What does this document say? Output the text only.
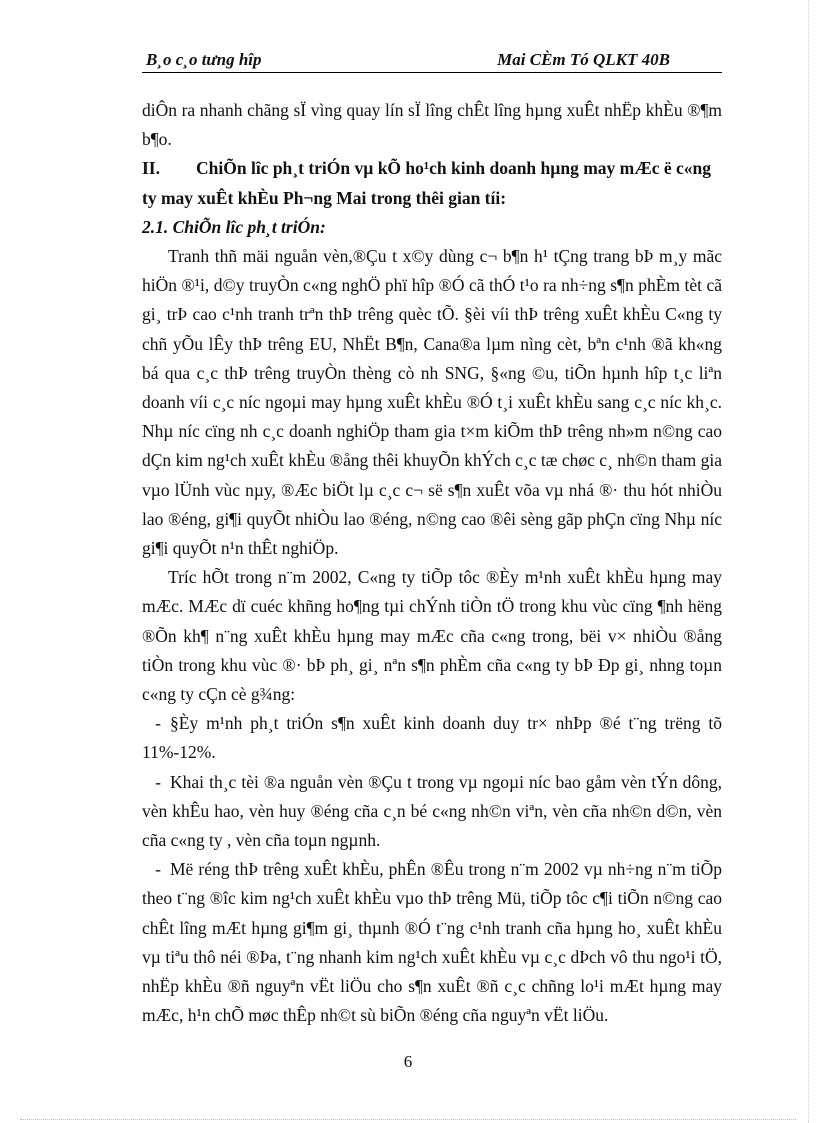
B¸o c¸o tưng hîp	Mai CÈm Tó QLKT 40B

diÔn ra nhanh chãng sÏ vìng quay lín sÏ lîng chÊt lîng hµng xuÊt nhËp khÈu ®¶m b¶o.

II. ChiÕn lîc ph¸t triÓn vµ kÕ ho¹ch kinh doanh hµng may mÆc ë c«ng ty may xuÊt khÈu Ph¬ng Mai trong thêi gian tíi:

2.1. ChiÕn lîc ph¸t triÓn:

Tranh thñ mäi nguån vèn,®Çu t x©y dùng c¬ b¶n h¹ tÇng trang bÞ m¸y mãc hiÖn ®¹i, d©y truyÒn c«ng nghÖ phï hîp ®Ó cã thÓ t¹o ra nh÷ng s¶n phÈm tèt cã gi¸ trÞ cao c¹nh tranh trªn thÞ trêng quèc tÕ. §èi víi thÞ trêng xuÊt khÈu C«ng ty chñ yÕu lÊy thÞ trêng EU, NhËt B¶n, Cana®a lµm nìng cèt, bªn c¹nh ®ã kh«ng bá qua c¸c thÞ trêng truyÒn thèng cò nh SNG, §«ng ©u, tiÕn hµnh hîp t¸c liªn doanh víi c¸c níc ngoµi may hµng xuÊt khÈu ®Ó t¸i xuÊt khÈu sang c¸c níc kh¸c. Nhµ níc cïng nh c¸c doanh nghiÖp tham gia t×m kiÕm thÞ trêng nh»m n©ng cao dÇn kim ng¹ch xuÊt khÈu ®ång thêi khuyÕn khÝch c¸c tæ chøc c¸ nh©n tham gia vµo lÜnh vùc nµy, ®Æc biÖt lµ c¸c c¬ së s¶n xuÊt võa vµ nhá ®· thu hót nhiÒu lao ®éng, gi¶i quyÕt nhiÒu lao ®éng, n©ng cao ®êi sèng gãp phÇn cïng Nhµ níc gi¶i quyÕt n¹n thÊt nghiÖp.

Tríc hÕt trong n¨m 2002, C«ng ty tiÕp tôc ®Èy m¹nh xuÊt khÈu hµng may mÆc. MÆc dï cuéc khñng ho¶ng tµi chÝnh tiÒn tÖ trong khu vùc cïng ¶nh hëng ®Õn kh¶ n¨ng xuÊt khÈu hµng may mÆc cña c«ng trong, bëi v× nhiÒu ®ång tiÒn trong khu vùc ®· bÞ ph¸ gi¸ nªn s¶n phÈm cña c«ng ty bÞ Ðp gi¸ nhng toµn c«ng ty cÇn cè g¾ng:

- §Èy m¹nh ph¸t triÓn s¶n xuÊt kinh doanh duy tr× nhÞp ®é t¨ng trëng tõ 11%-12%.

- Khai th¸c tèi ®a nguån vèn ®Çu t trong vµ ngoµi níc bao gåm vèn tÝn dông, vèn khÊu hao, vèn huy ®éng cña c¸n bé c«ng nh©n viªn, vèn cña nh©n d©n, vèn cña c«ng ty , vèn cña toµn ngµnh.

- Më réng thÞ trêng xuÊt khÈu, phÊn ®Êu trong n¨m 2002 vµ nh÷ng n¨m tiÕp theo t¨ng ®îc kim ng¹ch xuÊt khÈu vµo thÞ trêng Mü, tiÕp tôc c¶i tiÕn n©ng cao chÊt lîng mÆt hµng gi¶m gi¸ thµnh ®Ó t¨ng c¹nh tranh cña hµng ho¸ xuÊt khÈu vµ tiªu thô néi ®Þa, t¨ng nhanh kim ng¹ch xuÊt khÈu vµ c¸c dÞch vô thu ngo¹i tÖ, nhËp khÈu ®ñ nguyªn vËt liÖu cho s¶n xuÊt ®ñ c¸c chñng lo¹i mÆt hµng may mÆc, h¹n chÕ møc thÊp nh©t sù biÕn ®éng cña nguyªn vËt liÖu.

6
